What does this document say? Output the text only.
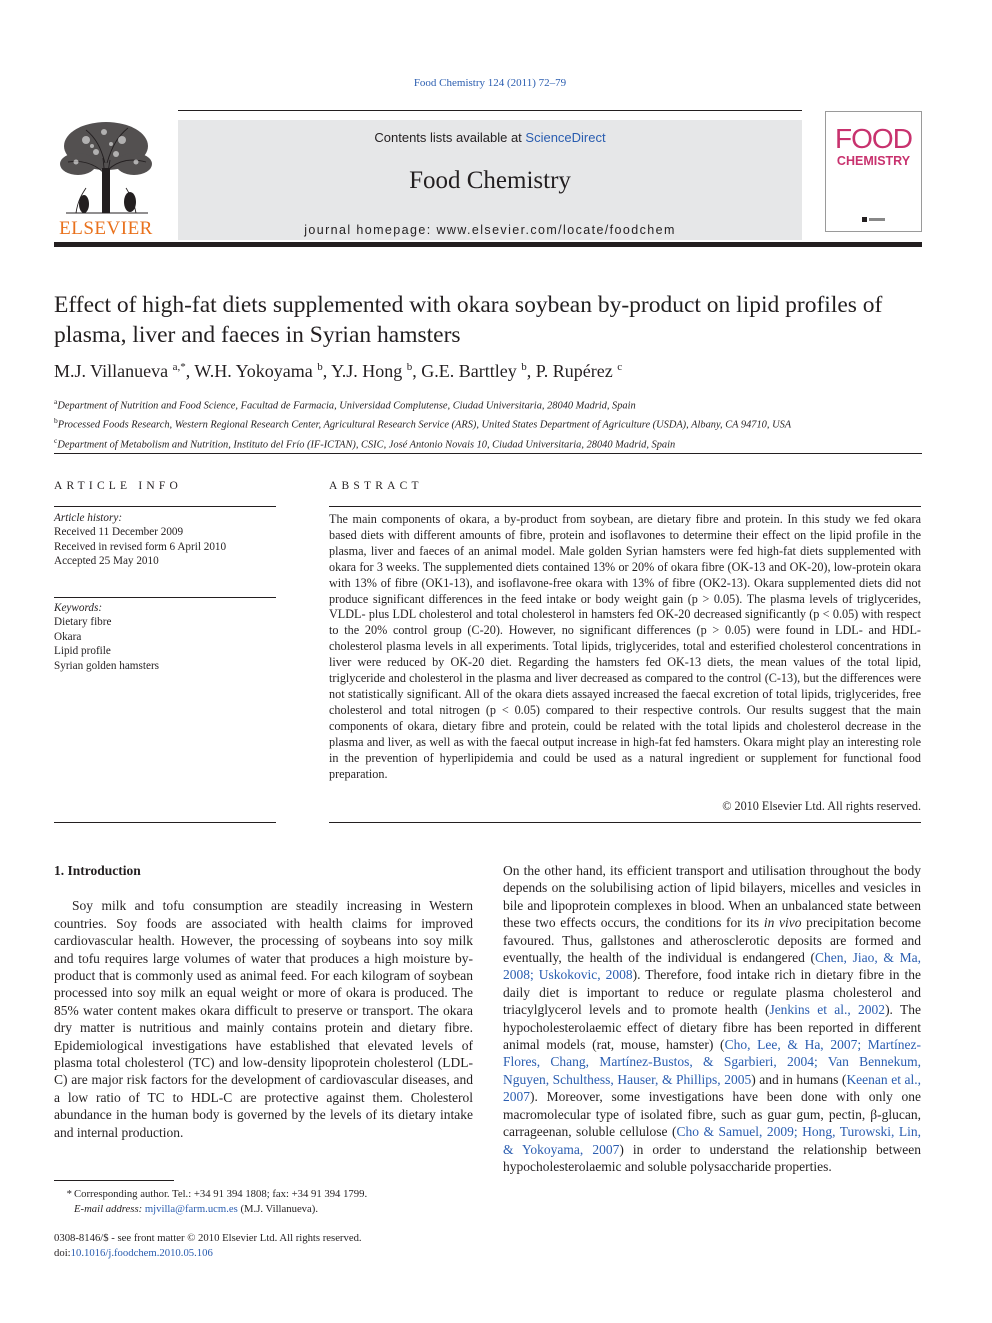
Food Chemistry 124 (2011) 72–79
ELSEVIER
Contents lists available at ScienceDirect
Food Chemistry
journal homepage: www.elsevier.com/locate/foodchem
FOOD
CHEMISTRY
Effect of high-fat diets supplemented with okara soybean by-product on lipid profiles of plasma, liver and faeces in Syrian hamsters
M.J. Villanueva $^{a,*}$, W.H. Yokoyama $^b$, Y.J. Hong $^b$, G.E. Barttley $^b$, P. Rupérez $^c$
$^a$Department of Nutrition and Food Science, Facultad de Farmacia, Universidad Complutense, Ciudad Universitaria, 28040 Madrid, Spain
$^b$Processed Foods Research, Western Regional Research Center, Agricultural Research Service (ARS), United States Department of Agriculture (USDA), Albany, CA 94710, USA
$^c$Department of Metabolism and Nutrition, Instituto del Frío (IF-ICTAN), CSIC, José Antonio Novais 10, Ciudad Universitaria, 28040 Madrid, Spain
ARTICLE INFO
Article history:
Received 11 December 2009
Received in revised form 6 April 2010
Accepted 25 May 2010
Keywords:
Dietary fibre
Okara
Lipid profile
Syrian golden hamsters
ABSTRACT
The main components of okara, a by-product from soybean, are dietary fibre and protein. In this study we fed okara based diets with different amounts of fibre, protein and isoflavones to determine their effect on the lipid profile in the plasma, liver and faeces of an animal model. Male golden Syrian hamsters were fed high-fat diets supplemented with okara for 3 weeks. The supplemented diets contained 13% or 20% of okara fibre (OK-13 and OK-20), low-protein okara with 13% of fibre (OK1-13), and isoflavone-free okara with 13% of fibre (OK2-13). Okara supplemented diets did not produce significant differences in the feed intake or body weight gain (p > 0.05). The plasma levels of triglycerides, VLDL- plus LDL cholesterol and total cholesterol in hamsters fed OK-20 decreased significantly (p < 0.05) with respect to the 20% control group (C-20). However, no significant differences (p > 0.05) were found in LDL- and HDL-cholesterol plasma levels in all experiments. Total lipids, triglycerides, total and esterified cholesterol concentrations in liver were reduced by OK-20 diet. Regarding the hamsters fed OK-13 diets, the mean values of the total lipid, triglyceride and cholesterol in the plasma and liver decreased as compared to the control (C-13), but the differences were not statistically significant. All of the okara diets assayed increased the faecal excretion of total lipids, triglycerides, free cholesterol and total nitrogen (p < 0.05) compared to their respective controls. Our results suggest that the main components of okara, dietary fibre and protein, could be related with the total lipids and cholesterol decrease in the plasma and liver, as well as with the faecal output increase in high-fat fed hamsters. Okara might play an interesting role in the prevention of hyperlipidemia and could be used as a natural ingredient or supplement for functional food preparation.
© 2010 Elsevier Ltd. All rights reserved.

1. Introduction

Soy milk and tofu consumption are steadily increasing in Western countries. Soy foods are associated with health claims for improved cardiovascular health. However, the processing of soybeans into soy milk and tofu requires large volumes of water that produces a high moisture by-product that is commonly used as animal feed. For each kilogram of soybean processed into soy milk an equal weight or more of okara is produced. The 85% water content makes okara difficult to preserve or transport. The okara dry matter is nutritious and mainly contains protein and dietary fibre. Epidemiological investigations have established that elevated levels of plasma total cholesterol (TC) and low-density lipoprotein cholesterol (LDL-C) are major risk factors for the development of cardiovascular diseases, and a low ratio of TC to HDL-C are protective against them. Cholesterol abundance in the human body is governed by the levels of its dietary intake and internal production.

On the other hand, its efficient transport and utilisation throughout the body depends on the solubilising action of lipid bilayers, micelles and vesicles in bile and lipoprotein complexes in blood. When an unbalanced state between these two effects occurs, the conditions for its in vivo precipitation become favoured. Thus, gallstones and atherosclerotic deposits are formed and eventually, the health of the individual is endangered (Chen, Jiao, & Ma, 2008; Uskokovic, 2008). Therefore, food intake rich in dietary fibre in the daily diet is important to reduce or regulate plasma cholesterol and triacylglycerol levels and to promote health (Jenkins et al., 2002). The hypocholesterolaemic effect of dietary fibre has been reported in different animal models (rat, mouse, hamster) (Cho, Lee, & Ha, 2007; Martínez-Flores, Chang, Martínez-Bustos, & Sgarbieri, 2004; Van Bennekum, Nguyen, Schulthess, Hauser, & Phillips, 2005) and in humans (Keenan et al., 2007). Moreover, some investigations have been done with only one macromolecular type of isolated fibre, such as guar gum, pectin, β-glucan, carrageenan, soluble cellulose (Cho & Samuel, 2009; Hong, Turowski, Lin, & Yokoyama, 2007) in order to understand the relationship between hypocholesterolaemic and soluble polysaccharide properties.

* Corresponding author. Tel.: +34 91 394 1808; fax: +34 91 394 1799.
E-mail address: mjvilla@farm.ucm.es (M.J. Villanueva).
0308-8146/$ - see front matter © 2010 Elsevier Ltd. All rights reserved.
doi:10.1016/j.foodchem.2010.05.106
